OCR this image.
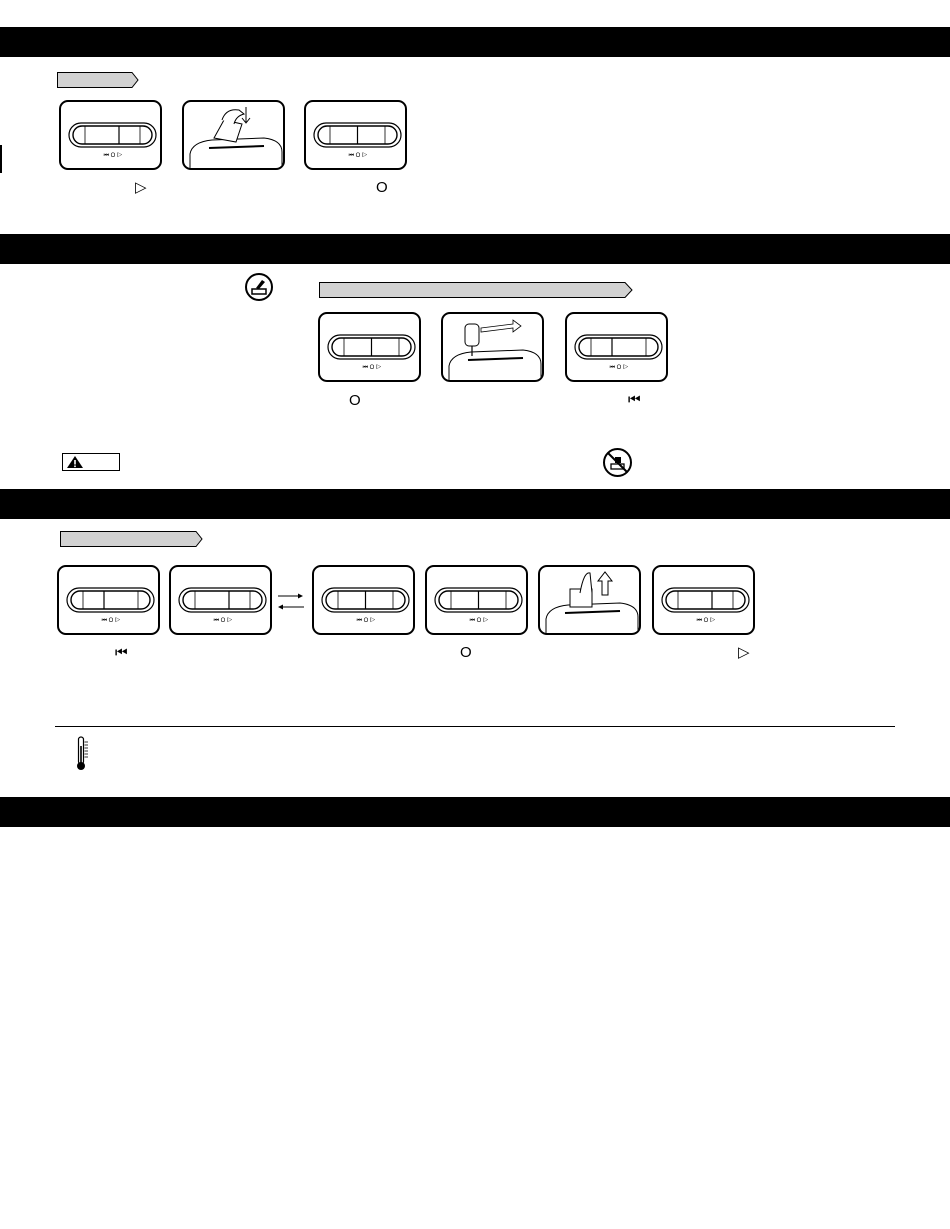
⏮ O ▷	⏮ O ▷
▷	O
⏮ O ▷	⏮ O ▷
O	⏮
⏮ O ▷	⏮ O ▷	⏮ O ▷	⏮ O ▷	⏮ O ▷
⏮	O	▷
